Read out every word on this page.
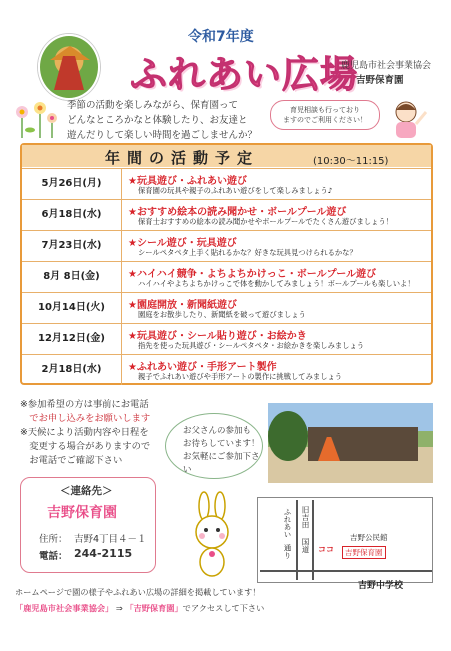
令和7年度
ふれあい広場
鹿児島市社会事業協会
吉野保育園
季節の活動を楽しみながら、保育園って
どんなところかなと体験したり、お友達と
遊んだりして楽しい時間を過ごしませんか？
育児相談も行っており
ますのでご利用ください！
年間の活動予定	(10:30〜11:15)
5月26日(月)	★玩具遊び・ふれあい遊び
保育園の玩具や親子のふれあい遊びをして楽しみましょう♪
6月18日(水)	★おすすめ絵本の読み聞かせ・ボールプール遊び
保育士おすすめの絵本の読み聞かせやボールプールでたくさん遊びましょう！
7月23日(水)	★シール遊び・玩具遊び
シールペタペタ上手く貼れるかな？好きな玩具見つけられるかな？
8月 8日(金)	★ハイハイ競争・よちよちかけっこ・ボールプール遊び
ハイハイやよちよちかけっこで体を動かしてみましょう！ボールプールも楽しいよ！
10月14日(火)	★園庭開放・新聞紙遊び
園庭をお散歩したり、新聞紙を破って遊びましょう
12月12日(金)	★玩具遊び・シール貼り遊び・お絵かき
指先を使った玩具遊び・シールペタペタ・お絵かきを楽しみましょう
2月18日(水)	★ふれあい遊び・手形アート製作
親子でふれあい遊びや手形アートの製作に挑戦してみましょう
※参加希望の方は事前にお電話
　でお申し込みをお願いします
※天候により活動内容や日程を
　変更する場合がありますので
　お電話でご確認下さい
お父さんの参加も
お待ちしています！
お気軽にご参加下さい
＜連絡先＞
吉野保育園
住所： 吉野4丁目４－１
電話： 244-2115
ふれあい
通り
旧吉田
国道
吉野公民館
吉野保育園
ココ
吉野中学校
ホームページで園の様子やふれあい広場の詳細を掲載しています！
「鹿児島市社会事業協会」 ⇒ 「吉野保育園」でアクセスして下さい
